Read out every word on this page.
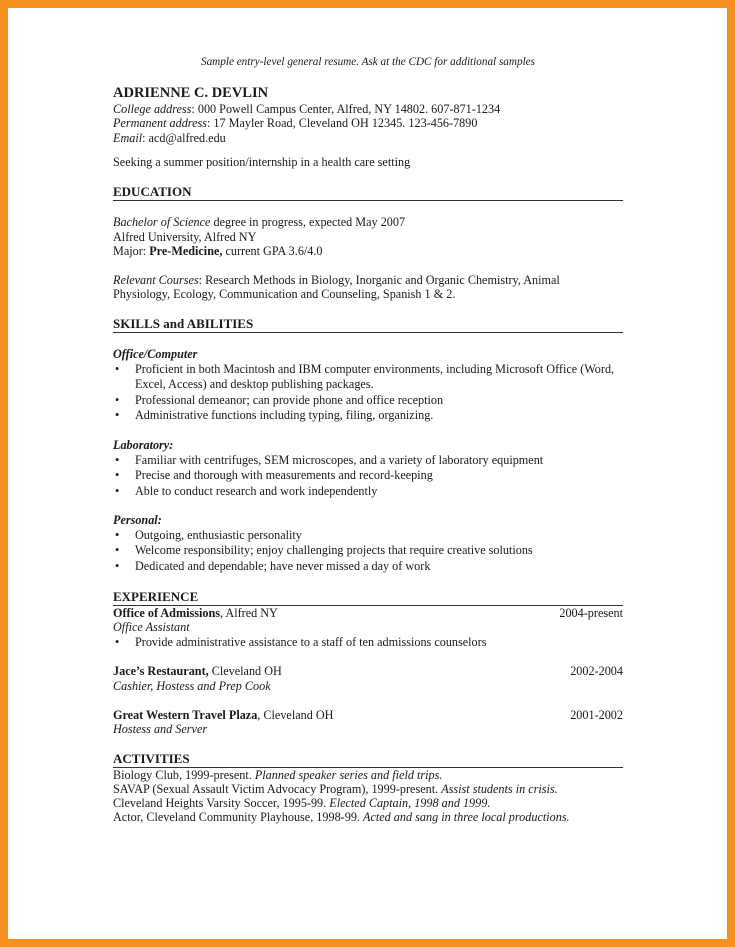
Sample entry-level general resume. Ask at the CDC for additional samples

ADRIENNE C. DEVLIN

College address: 000 Powell Campus Center, Alfred, NY 14802. 607-871-1234

Permanent address: 17 Mayler Road, Cleveland OH 12345. 123-456-7890

Email: acd@alfred.edu

Seeking a summer position/internship in a health care setting

EDUCATION

Bachelor of Science degree in progress, expected May 2007

Alfred University, Alfred NY

Major: Pre-Medicine, current GPA 3.6/4.0

Relevant Courses: Research Methods in Biology, Inorganic and Organic Chemistry, Animal

Physiology, Ecology, Communication and Counseling, Spanish 1 & 2.

SKILLS and ABILITIES

Office/Computer

• Proficient in both Macintosh and IBM computer environments, including Microsoft Office (Word, Excel, Access) and desktop publishing packages.
• Professional demeanor; can provide phone and office reception
• Administrative functions including typing, filing, organizing.

Laboratory:

• Familiar with centrifuges, SEM microscopes, and a variety of laboratory equipment
• Precise and thorough with measurements and record-keeping
• Able to conduct research and work independently

Personal:

• Outgoing, enthusiastic personality
• Welcome responsibility; enjoy challenging projects that require creative solutions
• Dedicated and dependable; have never missed a day of work
EXPERIENCE
Office of Admissions, Alfred NY	2004-present

Office Assistant

• Provide administrative assistance to a staff of ten admissions counselors
Jace’s Restaurant, Cleveland OH	2002-2004

Cashier, Hostess and Prep Cook

Great Western Travel Plaza, Cleveland OH	2001-2002

Hostess and Server

ACTIVITIES

Biology Club, 1999-present. Planned speaker series and field trips.

SAVAP (Sexual Assault Victim Advocacy Program), 1999-present. Assist students in crisis.

Cleveland Heights Varsity Soccer, 1995-99. Elected Captain, 1998 and 1999.

Actor, Cleveland Community Playhouse, 1998-99. Acted and sang in three local productions.
